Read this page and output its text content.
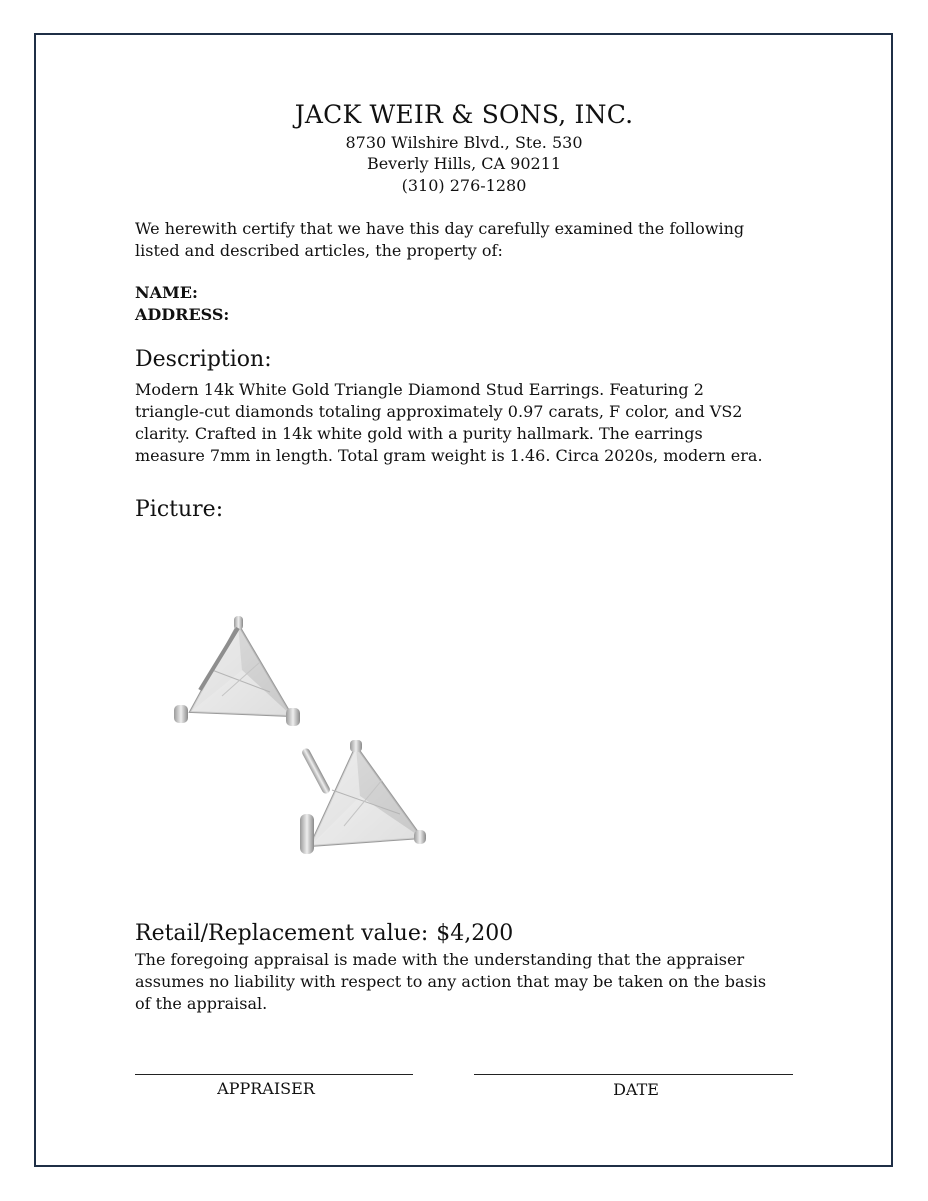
JACK WEIR & SONS, INC.
8730 Wilshire Blvd., Ste. 530
Beverly Hills, CA 90211
(310) 276-1280
We herewith certify that we have this day carefully examined the following listed and described articles, the property of:
NAME:
ADDRESS:
Description:
Modern 14k White Gold Triangle Diamond Stud Earrings. Featuring 2 triangle-cut diamonds totaling approximately 0.97 carats, F color, and VS2 clarity. Crafted in 14k white gold with a purity hallmark. The earrings measure 7mm in length. Total gram weight is 1.46. Circa 2020s, modern era.
Picture:
Retail/Replacement value: $4,200
The foregoing appraisal is made with the understanding that the appraiser assumes no liability with respect to any action that may be taken on the basis of the appraisal.
APPRAISER	DATE
